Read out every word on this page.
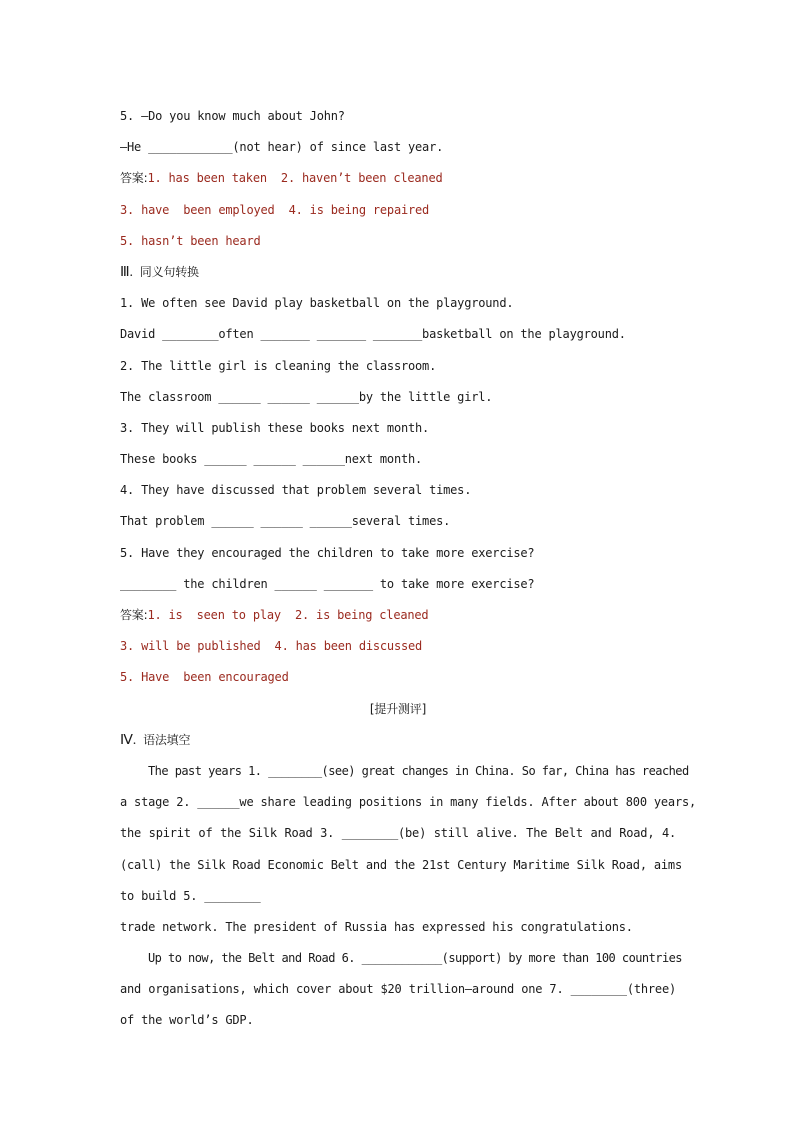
5. —Do you know much about John?
—He ____________(not hear) of since last year.
答案:1. has been taken  2. haven’t been cleaned
3. have  been employed  4. is being repaired
5. hasn’t been heard
Ⅲ. 同义句转换
1. We often see David play basketball on the playground.
David ________often _______ _______ _______basketball on the playground.
2. The little girl is cleaning the classroom.
The classroom ______ ______ ______by the little girl.
3. They will publish these books next month.
These books ______ ______ ______next month.
4. They have discussed that problem several times.
That problem ______ ______ ______several times.
5. Have they encouraged the children to take more exercise?
________ the children ______ _______ to take more exercise?
答案:1. is  seen to play  2. is being cleaned
3. will be published  4. has been discussed
5. Have  been encouraged
[提升测评]
Ⅳ. 语法填空
The past years 1. ________(see) great changes in China. So far, China has reached
a stage 2. ______we share leading positions in many fields. After about 800 years,
the spirit of the Silk Road 3. ________(be) still alive. The Belt and Road, 4.
(call) the Silk Road Economic Belt and the 21st Century Maritime Silk Road, aims
to build 5. ________
trade network. The president of Russia has expressed his congratulations.
Up to now, the Belt and Road 6. ____________(support) by more than 100 countries
and organisations, which cover about $20 trillion—around one 7. ________(three)
of the world’s GDP.
